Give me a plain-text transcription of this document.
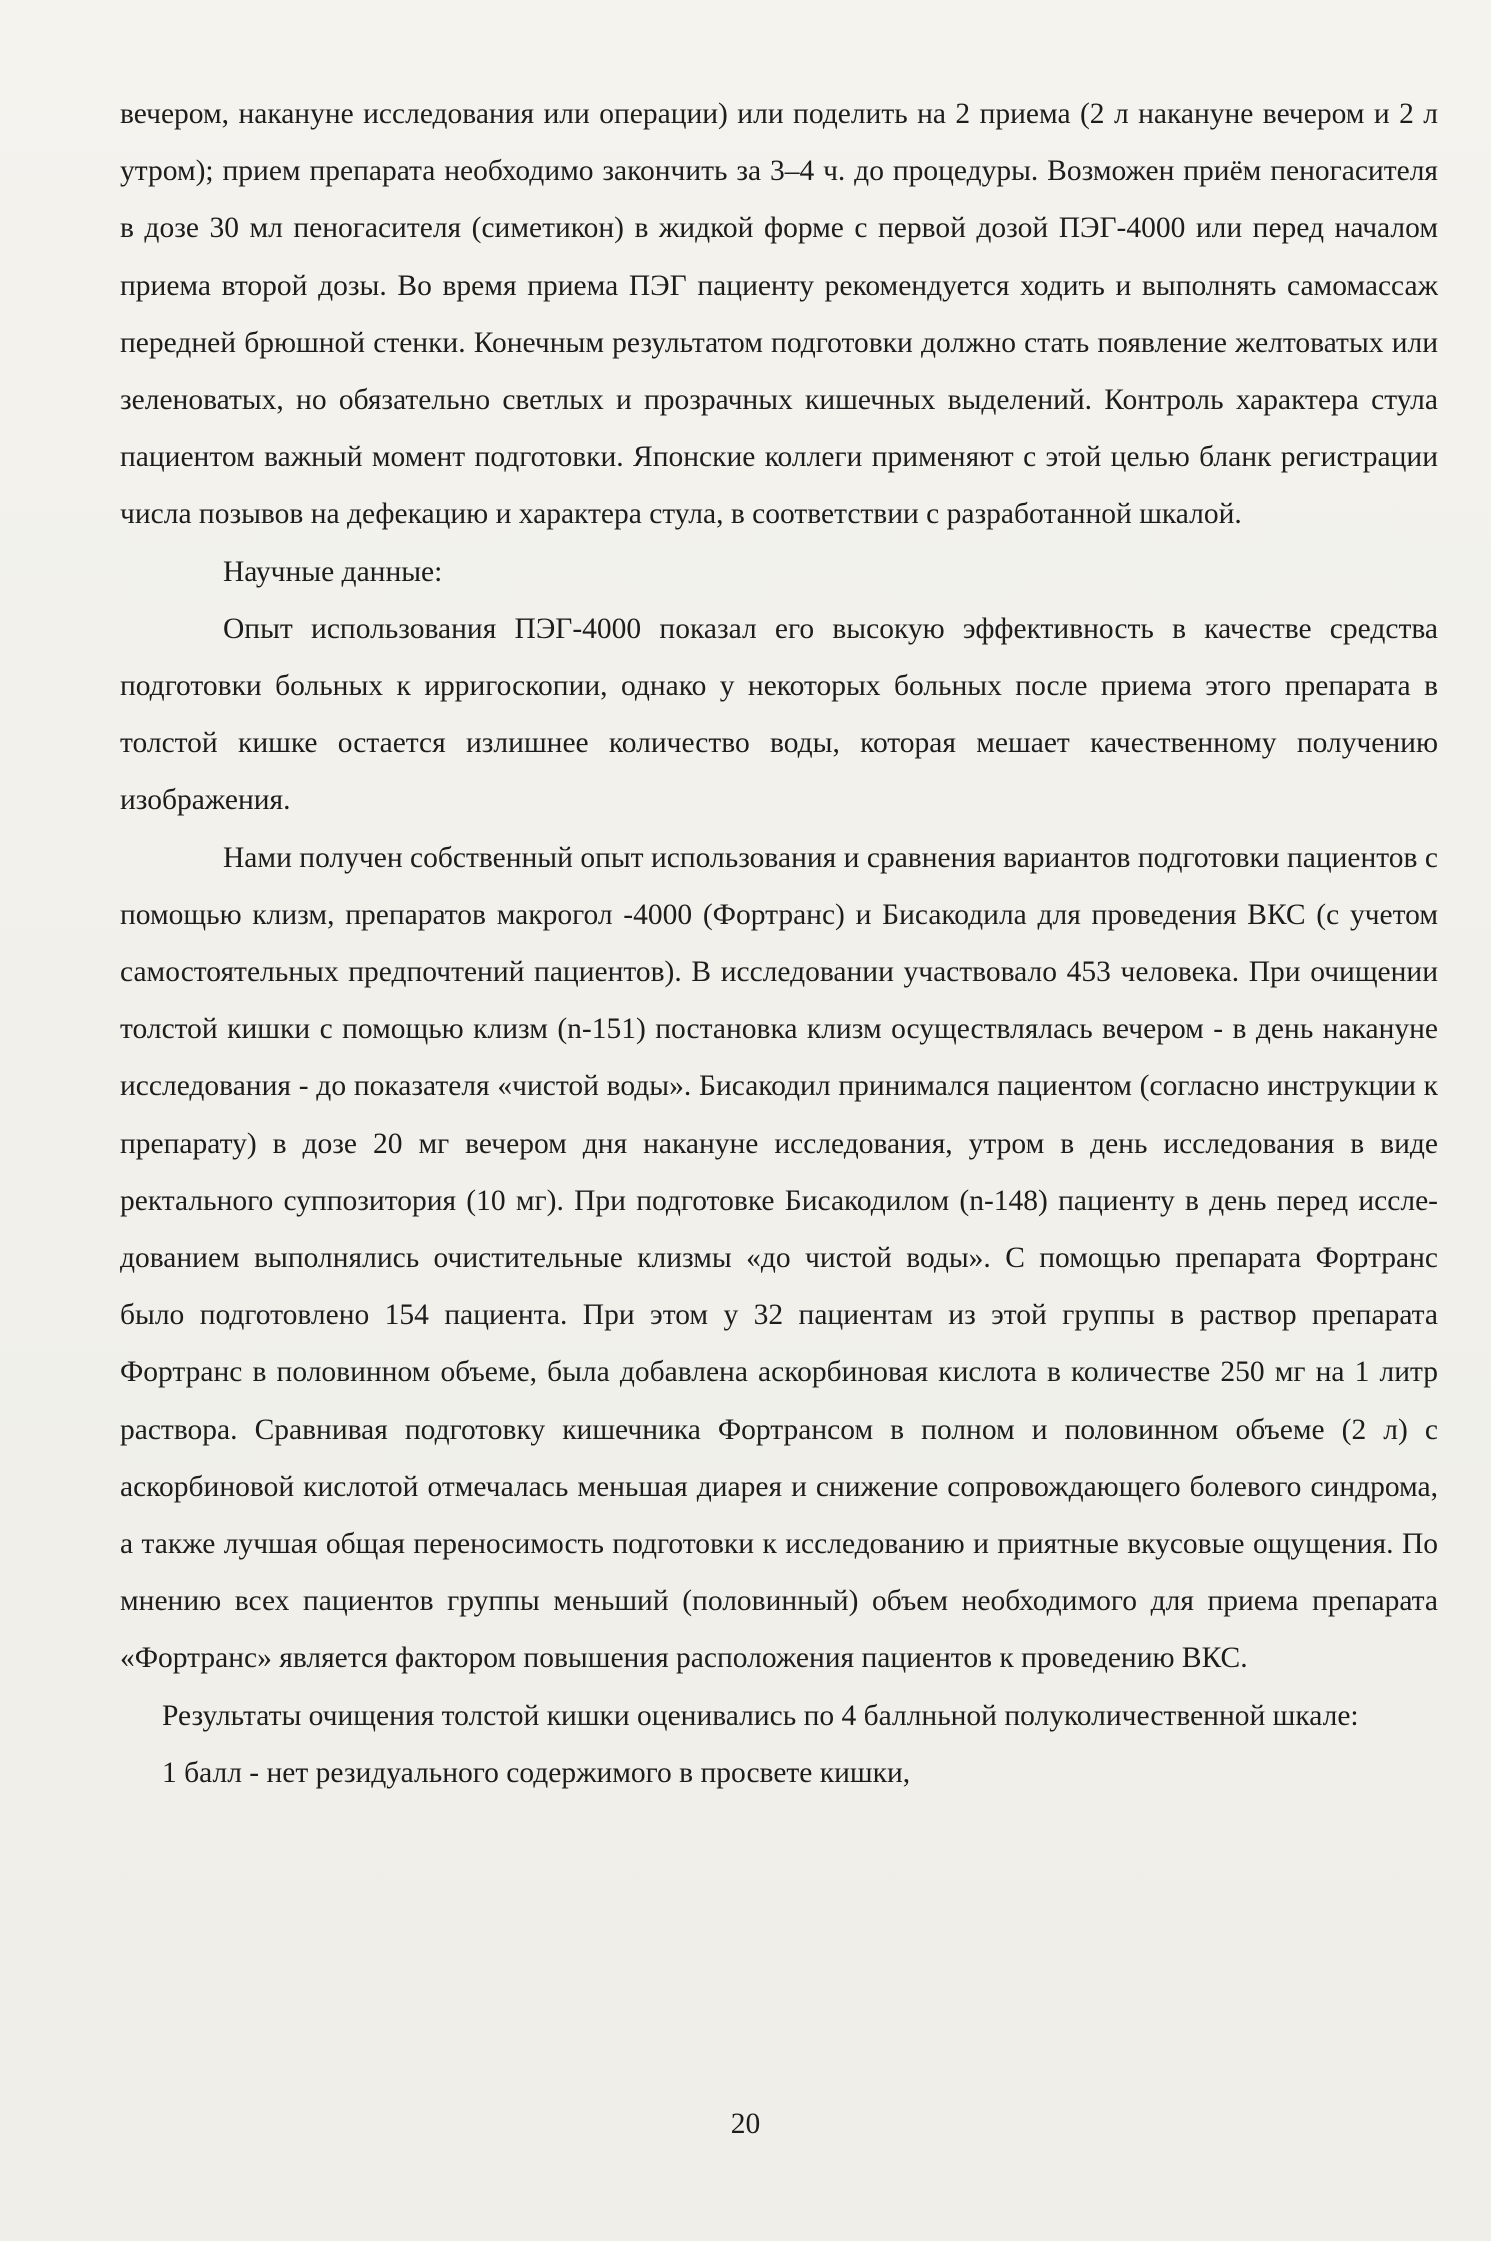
вечером, накануне исследования или операции) или поделить на 2 приема (2 л накануне вечером и 2 л утром); прием препарата необходимо закончить за 3–4 ч. до процедуры. Возможен приём пеногасителя в дозе 30 мл пеногасителя (симетикон) в жидкой форме с первой дозой ПЭГ-4000 или перед началом приема второй дозы. Во время приема ПЭГ пациенту рекомендуется ходить и выполнять самомассаж передней брюшной стенки. Конечным результатом подготовки должно стать появление желтоватых или зеленоватых, но обязательно светлых и прозрачных кишечных выделений. Контроль характера стула пациентом важный момент подготовки. Японские коллеги применяют с этой целью бланк регистрации числа позывов на дефекацию и характера стула, в соответствии с разработанной шкалой.

Научные данные:

Опыт использования ПЭГ-4000 показал его высокую эффективность в качестве средства подготовки больных к ирригоскопии, однако у некоторых больных после приема этого препарата в толстой кишке остается излишнее количество воды, которая мешает качественному получению изображения.

Нами получен собственный опыт использования и сравнения вариантов подготовки пациентов с помощью клизм, препаратов макрогол -4000 (Фортранс) и Бисакодила для проведения ВКС (с учетом самостоятельных предпочтений пациентов). В исследовании участвовало 453 человека. При очищении толстой кишки с помощью клизм (n-151) постановка клизм осуществлялась вечером - в день накануне исследования - до показателя «чистой воды». Бисакодил принимался пациентом (согласно инструкции к препарату) в дозе 20 мг вечером дня накануне исследования, утром в день исследования в виде ректального суппозитория (10 мг). При подготовке Бисакодилом (n-148) пациенту в день перед исследованием выполнялись очистительные клизмы «до чистой воды». С помощью препарата Фортранс было подготовлено 154 пациента. При этом у 32 пациентам из этой группы в раствор препарата Фортранс в половинном объеме, была добавлена аскорбиновая кислота в количестве 250 мг на 1 литр раствора. Сравнивая подготовку кишечника Фортрансом в полном и половинном объеме (2 л) с аскорбиновой кислотой отмечалась меньшая диарея и снижение сопровождающего болевого синдрома, а также лучшая общая переносимость подготовки к исследованию и приятные вкусовые ощущения. По мнению всех пациентов группы меньший (половинный) объем необходимого для приема препарата «Фортранс» является фактором повышения расположения пациентов к проведению ВКС.

Результаты очищения толстой кишки оценивались по 4 баллньной полуколичественной шкале:

1 балл - нет резидуального содержимого в просвете кишки,

20
